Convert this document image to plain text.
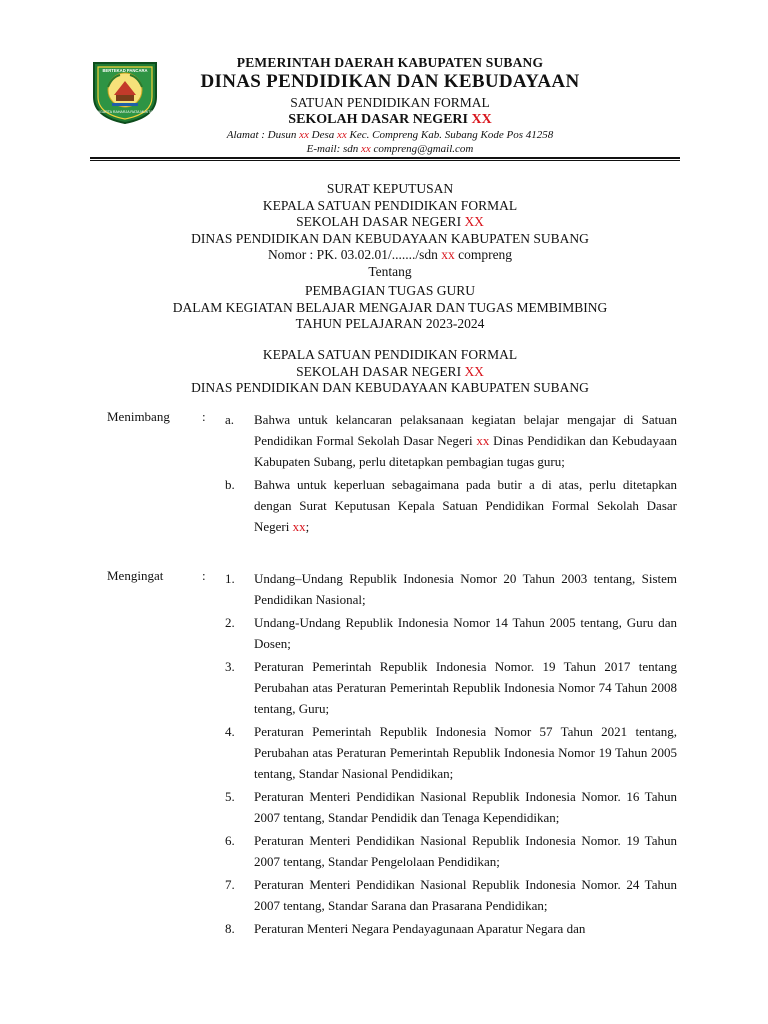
BERTEKAD PANCARA
NGARTA RAHARJA RATA MUKTA
PEMERINTAH DAERAH KABUPATEN SUBANG
DINAS PENDIDIKAN DAN KEBUDAYAAN
SATUAN PENDIDIKAN FORMAL
SEKOLAH DASAR NEGERI XX
Alamat : Dusun xx Desa xx Kec. Compreng Kab. Subang Kode Pos 41258
E-mail: sdn xx compreng@gmail.com
SURAT KEPUTUSAN
KEPALA SATUAN PENDIDIKAN FORMAL
SEKOLAH DASAR NEGERI XX
DINAS PENDIDIKAN DAN KEBUDAYAAN KABUPATEN SUBANG
Nomor : PK. 03.02.01/......./sdn xx compreng
Tentang
PEMBAGIAN TUGAS GURU
DALAM KEGIATAN BELAJAR MENGAJAR DAN TUGAS MEMBIMBING
TAHUN PELAJARAN 2023-2024
KEPALA SATUAN PENDIDIKAN FORMAL
SEKOLAH DASAR NEGERI XX
DINAS PENDIDIKAN DAN KEBUDAYAAN KABUPATEN SUBANG
Menimbang : a. Bahwa untuk kelancaran pelaksanaan kegiatan belajar mengajar di Satuan Pendidikan Formal Sekolah Dasar Negeri xx Dinas Pendidikan dan Kebudayaan Kabupaten Subang, perlu ditetapkan pembagian tugas guru;
b. Bahwa untuk keperluan sebagaimana pada butir a di atas, perlu ditetapkan dengan Surat Keputusan Kepala Satuan Pendidikan Formal Sekolah Dasar Negeri xx;
Mengingat	: 1. Undang–Undang Republik Indonesia Nomor 20 Tahun 2003 tentang, Sistem Pendidikan Nasional;
2. Undang-Undang Republik Indonesia Nomor 14 Tahun 2005 tentang, Guru dan Dosen;
3. Peraturan Pemerintah Republik Indonesia Nomor. 19 Tahun 2017 tentang Perubahan atas Peraturan Pemerintah Republik Indonesia Nomor 74 Tahun 2008 tentang, Guru;
4. Peraturan Pemerintah Republik Indonesia Nomor 57 Tahun 2021 tentang, Perubahan atas Peraturan Pemerintah Republik Indonesia Nomor 19 Tahun 2005 tentang, Standar Nasional Pendidikan;
5. Peraturan Menteri Pendidikan Nasional Republik Indonesia Nomor. 16 Tahun 2007 tentang, Standar Pendidik dan Tenaga Kependidikan;
6. Peraturan Menteri Pendidikan Nasional Republik Indonesia Nomor. 19 Tahun 2007 tentang, Standar Pengelolaan Pendidikan;
7. Peraturan Menteri Pendidikan Nasional Republik Indonesia Nomor. 24 Tahun 2007 tentang, Standar Sarana dan Prasarana Pendidikan;
8. Peraturan Menteri Negara Pendayagunaan Aparatur Negara dan
